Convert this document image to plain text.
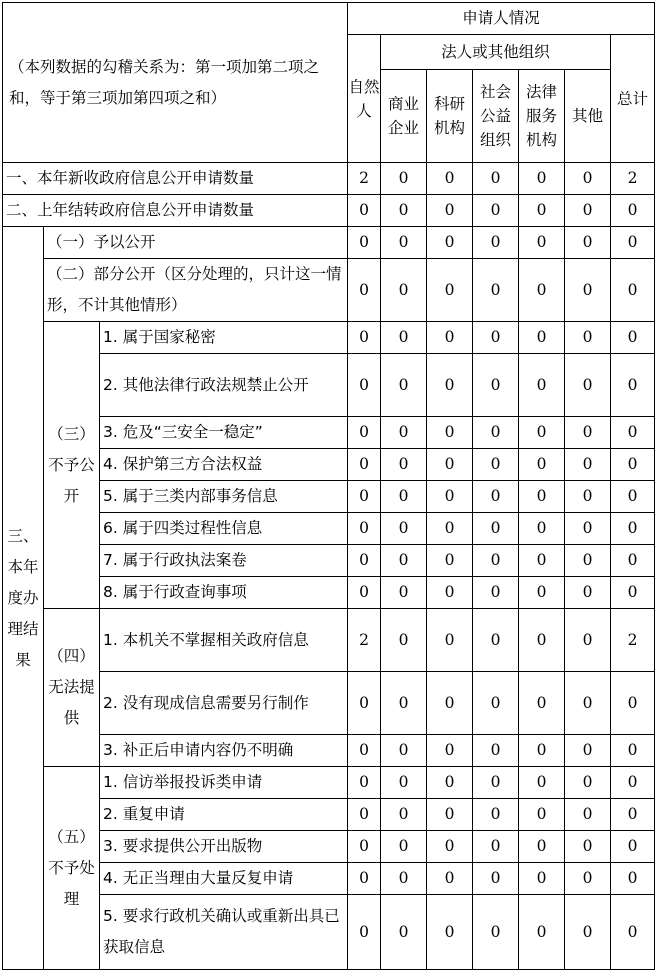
（本列数据的勾稽关系为：第一项加第二项之和，等于第三项加第四项之和）			申请人情况						
			自然人	法人或其他组织					总计
				商业企业	科研机构	社会公益组织	法律服务机构	其他	
一、本年新收政府信息公开申请数量			2	0	0	0	0	0	2
二、上年结转政府信息公开申请数量			0	0	0	0	0	0	0
三、本年度办理结果	（一）予以公开		0	0	0	0	0	0	0
	（二）部分公开（区分处理的，只计这一情形，不计其他情形）		0	0	0	0	0	0	0
	（三）不予公开	1. 属于国家秘密	0	0	0	0	0	0	0
		2. 其他法律行政法规禁止公开	0	0	0	0	0	0	0
		3. 危及“三安全一稳定”	0	0	0	0	0	0	0
		4. 保护第三方合法权益	0	0	0	0	0	0	0
		5. 属于三类内部事务信息	0	0	0	0	0	0	0
		6. 属于四类过程性信息	0	0	0	0	0	0	0
		7. 属于行政执法案卷	0	0	0	0	0	0	0
		8. 属于行政查询事项	0	0	0	0	0	0	0
	（四）无法提供	1. 本机关不掌握相关政府信息	2	0	0	0	0	0	2
		2. 没有现成信息需要另行制作	0	0	0	0	0	0	0
		3. 补正后申请内容仍不明确	0	0	0	0	0	0	0
	（五）不予处理	1. 信访举报投诉类申请	0	0	0	0	0	0	0
		2. 重复申请	0	0	0	0	0	0	0
		3. 要求提供公开出版物	0	0	0	0	0	0	0
		4. 无正当理由大量反复申请	0	0	0	0	0	0	0
		5. 要求行政机关确认或重新出具已获取信息	0	0	0	0	0	0	0
